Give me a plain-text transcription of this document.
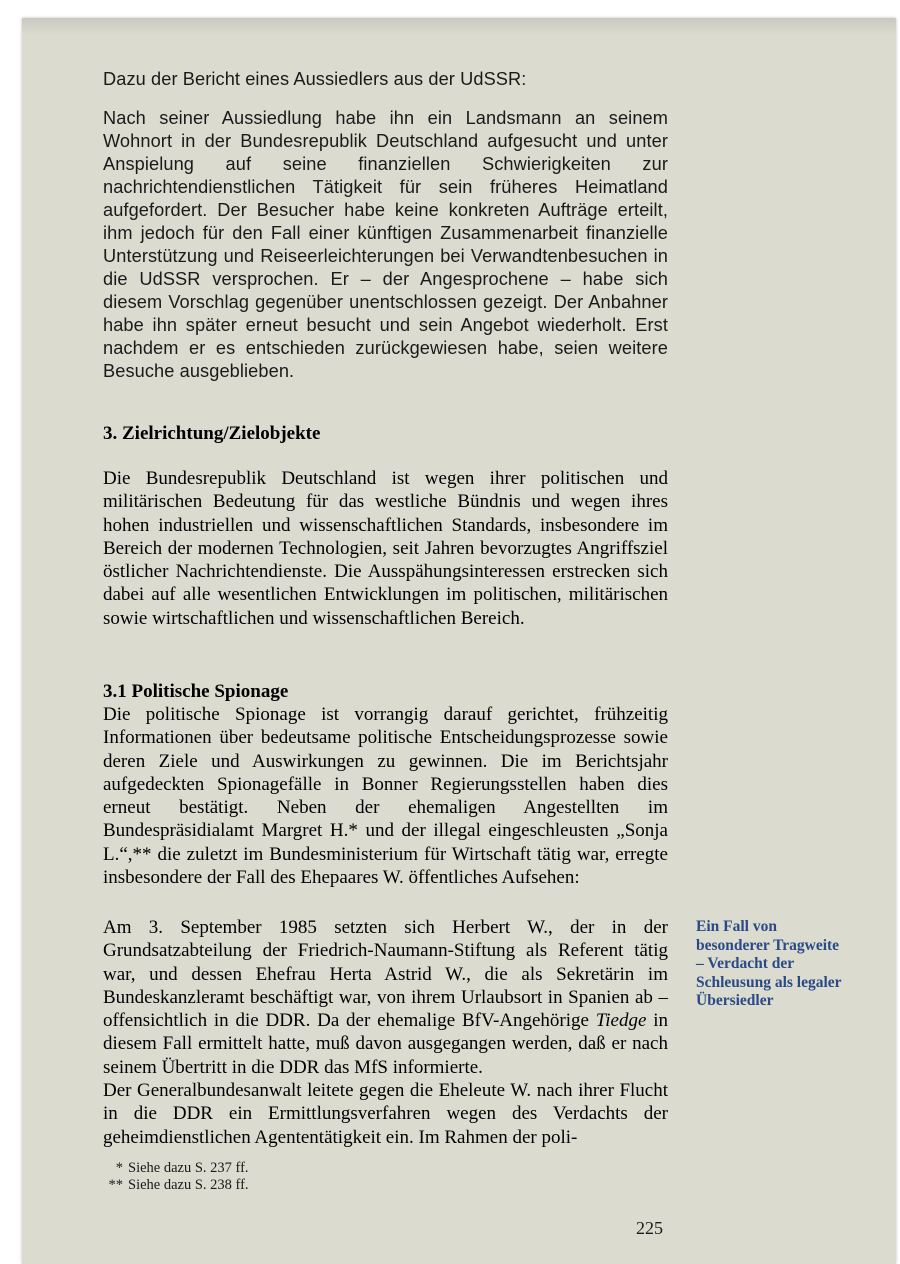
Dazu der Bericht eines Aussiedlers aus der UdSSR:

Nach seiner Aussiedlung habe ihn ein Landsmann an seinem Wohnort in der Bundesrepublik Deutschland aufgesucht und unter Anspielung auf seine finanziellen Schwierigkeiten zur nachrichtendienstlichen Tätigkeit für sein früheres Heimatland aufgefordert. Der Besucher habe keine konkreten Aufträge erteilt, ihm jedoch für den Fall einer künftigen Zusammenarbeit finanzielle Unterstützung und Reiseerleichterungen bei Verwandtenbesuchen in die UdSSR versprochen. Er – der Angesprochene – habe sich diesem Vorschlag gegenüber unentschlossen gezeigt. Der Anbahner habe ihn später erneut besucht und sein Angebot wiederholt. Erst nachdem er es entschieden zurückgewiesen habe, seien weitere Besuche ausgeblieben.

3. Zielrichtung/Zielobjekte

Die Bundesrepublik Deutschland ist wegen ihrer politischen und militärischen Bedeutung für das westliche Bündnis und wegen ihres hohen industriellen und wissenschaftlichen Standards, insbesondere im Bereich der modernen Technologien, seit Jahren bevorzugtes Angriffsziel östlicher Nachrichtendienste. Die Ausspähungsinteressen erstrecken sich dabei auf alle wesentlichen Entwicklungen im politischen, militärischen sowie wirtschaftlichen und wissenschaftlichen Bereich.

3.1 Politische Spionage

Die politische Spionage ist vorrangig darauf gerichtet, frühzeitig Informationen über bedeutsame politische Entscheidungsprozesse sowie deren Ziele und Auswirkungen zu gewinnen. Die im Berichtsjahr aufgedeckten Spionagefälle in Bonner Regierungsstellen haben dies erneut bestätigt. Neben der ehemaligen Angestellten im Bundespräsidialamt Margret H.* und der illegal eingeschleusten „Sonja L.“,** die zuletzt im Bundesministerium für Wirtschaft tätig war, erregte insbesondere der Fall des Ehepaares W. öffentliches Aufsehen:

Am 3. September 1985 setzten sich Herbert W., der in der Grundsatzabteilung der Friedrich-Naumann-Stiftung als Referent tätig war, und dessen Ehefrau Herta Astrid W., die als Sekretärin im Bundeskanzleramt beschäftigt war, von ihrem Urlaubsort in Spanien ab – offensichtlich in die DDR. Da der ehemalige BfV-Angehörige Tiedge in diesem Fall ermittelt hatte, muß davon ausgegangen werden, daß er nach seinem Übertritt in die DDR das MfS informierte.

Der Generalbundesanwalt leitete gegen die Eheleute W. nach ihrer Flucht in die DDR ein Ermittlungsverfahren wegen des Verdachts der geheimdienstlichen Agententätigkeit ein. Im Rahmen der poli-

Ein Fall von besonderer Tragweite – Verdacht der Schleusung als legaler Übersiedler
* Siehe dazu S. 237 ff.
** Siehe dazu S. 238 ff.
225
